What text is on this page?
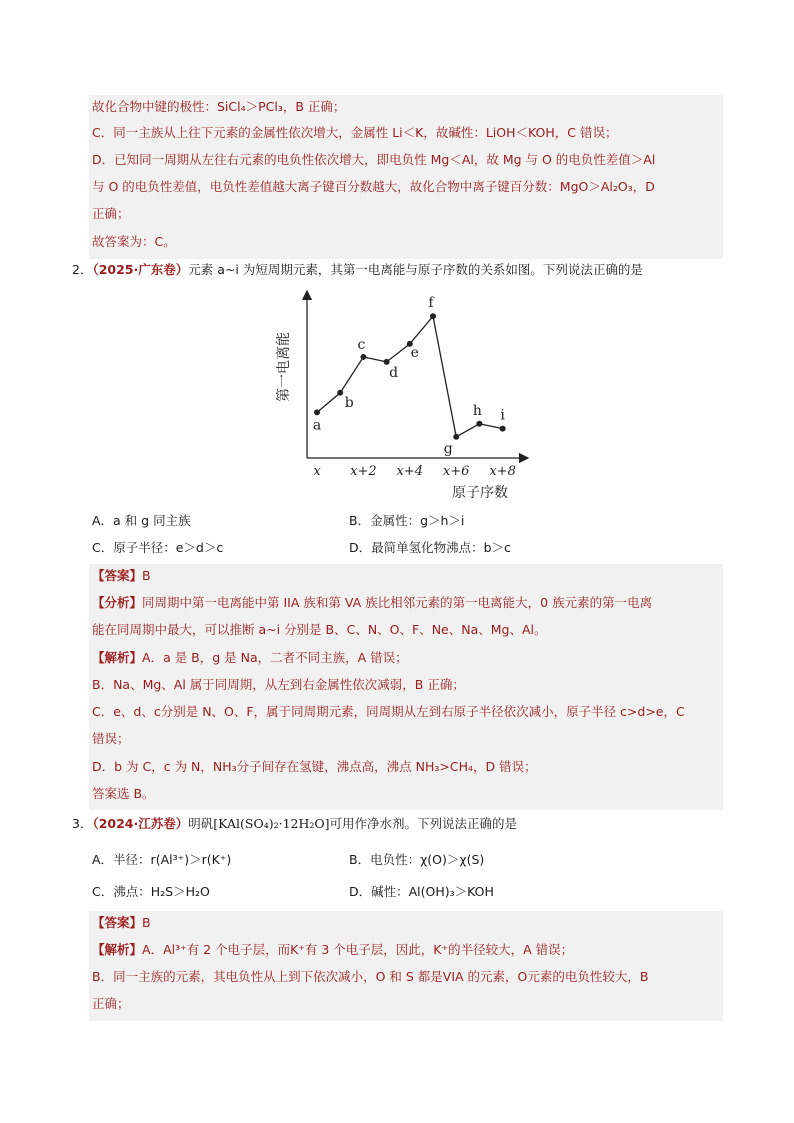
故化合物中键的极性：SiCl₄＞PCl₃，B 正确；
C．同一主族从上往下元素的金属性依次增大，金属性 Li＜K，故碱性：LiOH＜KOH，C 错误；
D．已知同一周期从左往右元素的电负性依次增大，即电负性 Mg＜Al，故 Mg 与 O 的电负性差值＞Al
与 O 的电负性差值，电负性差值越大离子键百分数越大，故化合物中离子键百分数：MgO＞Al₂O₃，D
正确；
故答案为：C。
2．（2025·广东卷）元素 a~i 为短周期元素，其第一电离能与原子序数的关系如图。下列说法正确的是
第一电离能
原子序数
x x+2 x+4 x+6 x+8
a
b
c
d
e
f
g
h i
A．a 和 g 同主族	B．金属性：g＞h＞i
C．原子半径：e＞d＞c	D．最简单氢化物沸点：b＞c
【答案】B
【分析】同周期中第一电离能中第 IIA 族和第 VA 族比相邻元素的第一电离能大，0 族元素的第一电离
能在同周期中最大，可以推断 a~i 分别是 B、C、N、O、F、Ne、Na、Mg、Al。
【解析】A．a 是 B，g 是 Na，二者不同主族，A 错误；
B．Na、Mg、Al 属于同周期，从左到右金属性依次减弱，B 正确；
C．e、d、c分别是 N、O、F，属于同周期元素，同周期从左到右原子半径依次减小，原子半径 c>d>e，C
错误；
D．b 为 C，c 为 N，NH₃分子间存在氢键，沸点高，沸点 NH₃>CH₄，D 错误；
答案选 B。
3．（2024·江苏卷）明矾[KAl(SO₄)₂·12H₂O]可用作净水剂。下列说法正确的是
A．半径：r(Al³⁺)＞r(K⁺)	B．电负性：χ(O)＞χ(S)
C．沸点：H₂S＞H₂O	D．碱性：Al(OH)₃＞KOH
【答案】B
【解析】A．Al³⁺有 2 个电子层，而K⁺有 3 个电子层，因此，K⁺的半径较大，A 错误；
B．同一主族的元素，其电负性从上到下依次减小，O 和 S 都是VIA 的元素，O元素的电负性较大，B
正确；
